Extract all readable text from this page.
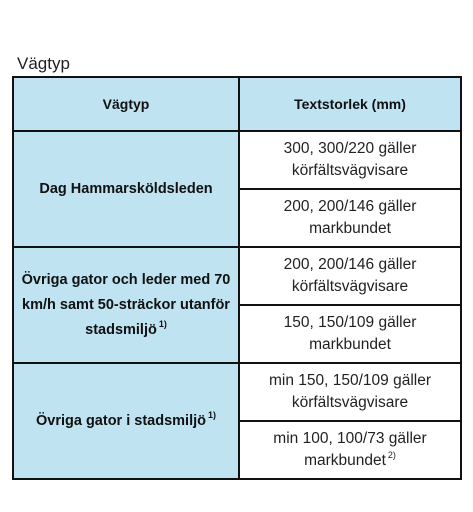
Vägtyp
Vägtyp	Textstorlek (mm)

Dag Hammarsköldsleden	300, 300/220 gäller
körfältsvägvisare

	200, 200/146 gäller
markbundet

Övriga gator och leder med 70
km/h samt 50-sträckor utanför
stadsmiljö $^{1)}$	200, 200/146 gäller
körfältsvägvisare

	150, 150/109 gäller
markbundet

Övriga gator i stadsmiljö $^{1)}$	min 150, 150/109 gäller
körfältsvägvisare

	min 100, 100/73 gäller
markbundet $^{2)}$
